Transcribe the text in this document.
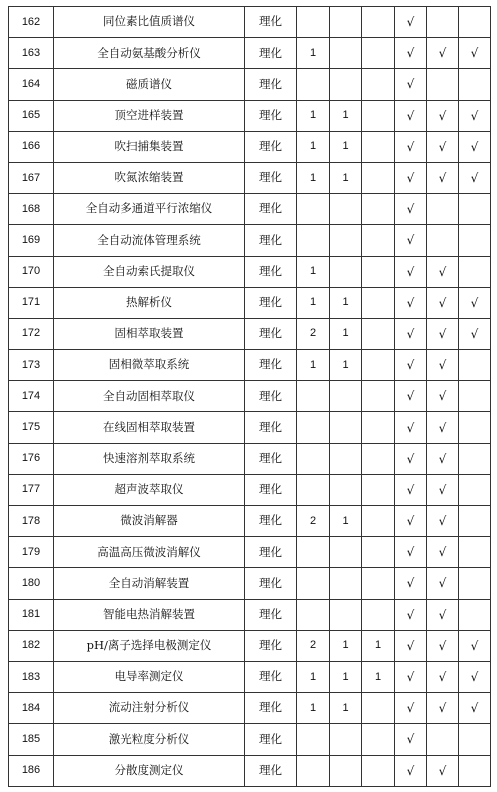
162	同位素比值质谱仪	理化				√		
163	全自动氨基酸分析仪	理化	1			√	√	√
164	磁质谱仪	理化				√		
165	顶空进样装置	理化	1	1		√	√	√
166	吹扫捕集装置	理化	1	1		√	√	√
167	吹氮浓缩装置	理化	1	1		√	√	√
168	全自动多通道平行浓缩仪	理化				√		
169	全自动流体管理系统	理化				√		
170	全自动索氏提取仪	理化	1			√	√	
171	热解析仪	理化	1	1		√	√	√
172	固相萃取装置	理化	2	1		√	√	√
173	固相微萃取系统	理化	1	1		√	√	
174	全自动固相萃取仪	理化				√	√	
175	在线固相萃取装置	理化				√	√	
176	快速溶剂萃取系统	理化				√	√	
177	超声波萃取仪	理化				√	√	
178	微波消解器	理化	2	1		√	√	
179	高温高压微波消解仪	理化				√	√	
180	全自动消解装置	理化				√	√	
181	智能电热消解装置	理化				√	√	
182	pH/离子选择电极测定仪	理化	2	1	1	√	√	√
183	电导率测定仪	理化	1	1	1	√	√	√
184	流动注射分析仪	理化	1	1		√	√	√
185	激光粒度分析仪	理化				√		
186	分散度测定仪	理化				√	√	
